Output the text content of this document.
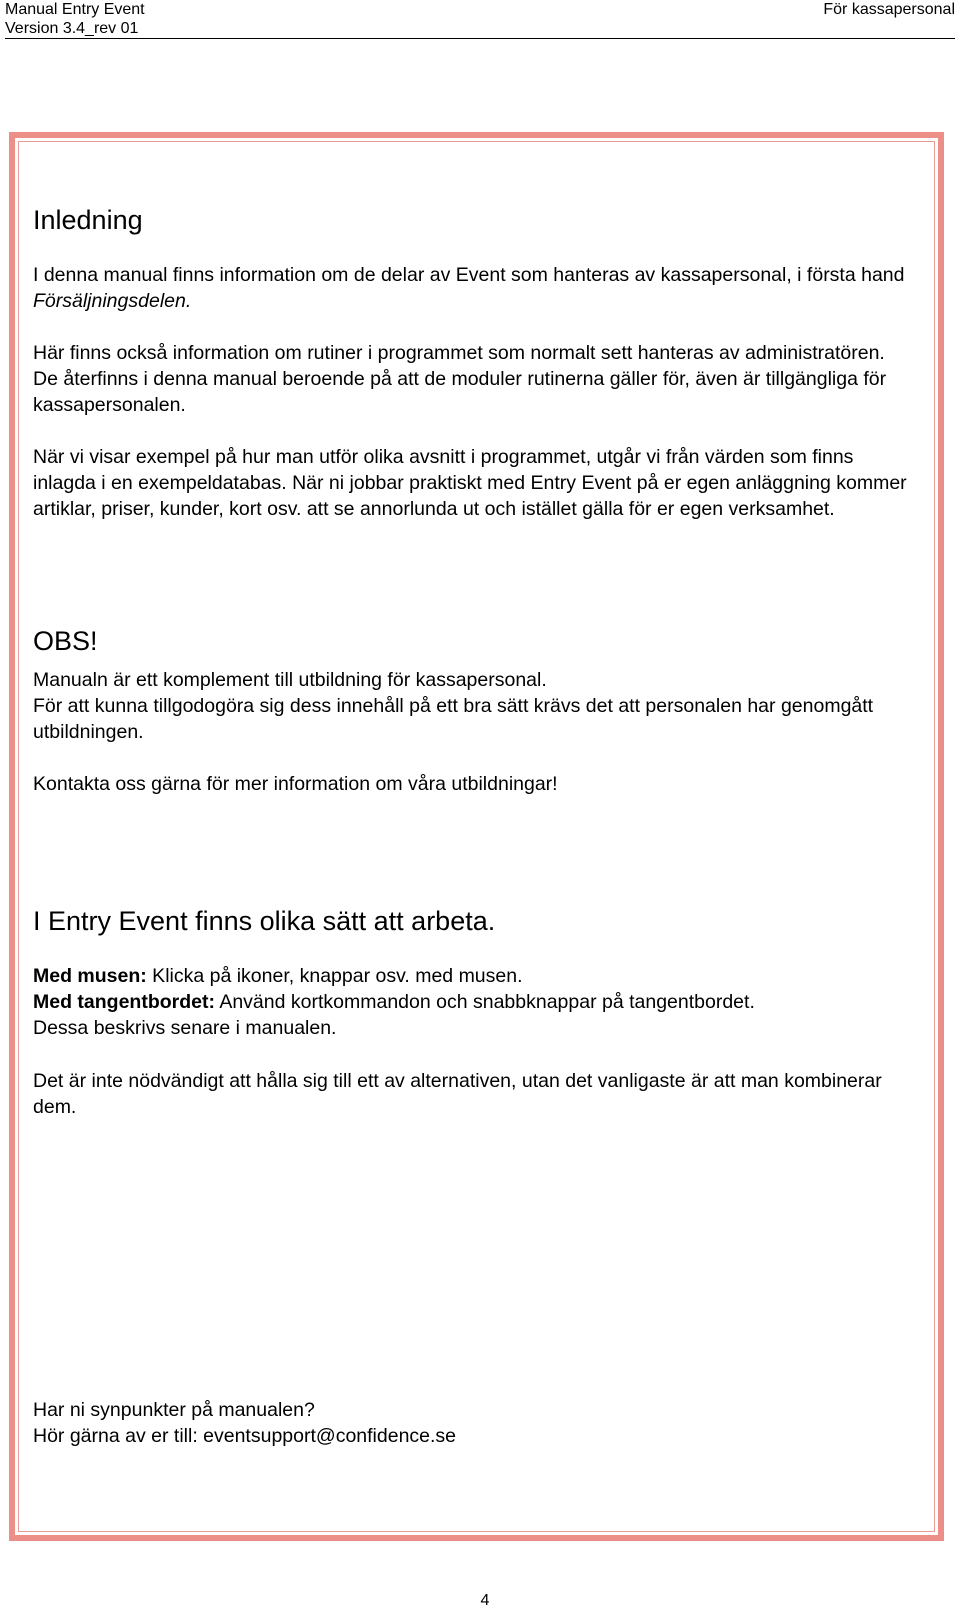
Manual Entry Event
Version 3.4_rev 01
För kassapersonal
Inledning
I denna manual finns information om de delar av Event som hanteras av kassapersonal, i första hand Försäljningsdelen.
Här finns också information om rutiner i programmet som normalt sett hanteras av administratören. De återfinns i denna manual beroende på att de moduler rutinerna gäller för, även är tillgängliga för kassapersonalen.
När vi visar exempel på hur man utför olika avsnitt i programmet, utgår vi från värden som finns inlagda i en exempeldatabas. När ni jobbar praktiskt med Entry Event på er egen anläggning kommer artiklar, priser, kunder, kort osv. att se annorlunda ut och istället gälla för er egen verksamhet.
OBS!
Manualn är ett komplement till utbildning för kassapersonal.
För att kunna tillgodogöra sig dess innehåll på ett bra sätt krävs det att personalen har genomgått utbildningen.
Kontakta oss gärna för mer information om våra utbildningar!
I Entry Event finns olika sätt att arbeta.
Med musen: Klicka på ikoner, knappar osv. med musen.
Med tangentbordet: Använd kortkommandon och snabbknappar på tangentbordet.
Dessa beskrivs senare i manualen.
Det är inte nödvändigt att hålla sig till ett av alternativen, utan det vanligaste är att man kombinerar dem.
Har ni synpunkter på manualen?
Hör gärna av er till: eventsupport@confidence.se
4
